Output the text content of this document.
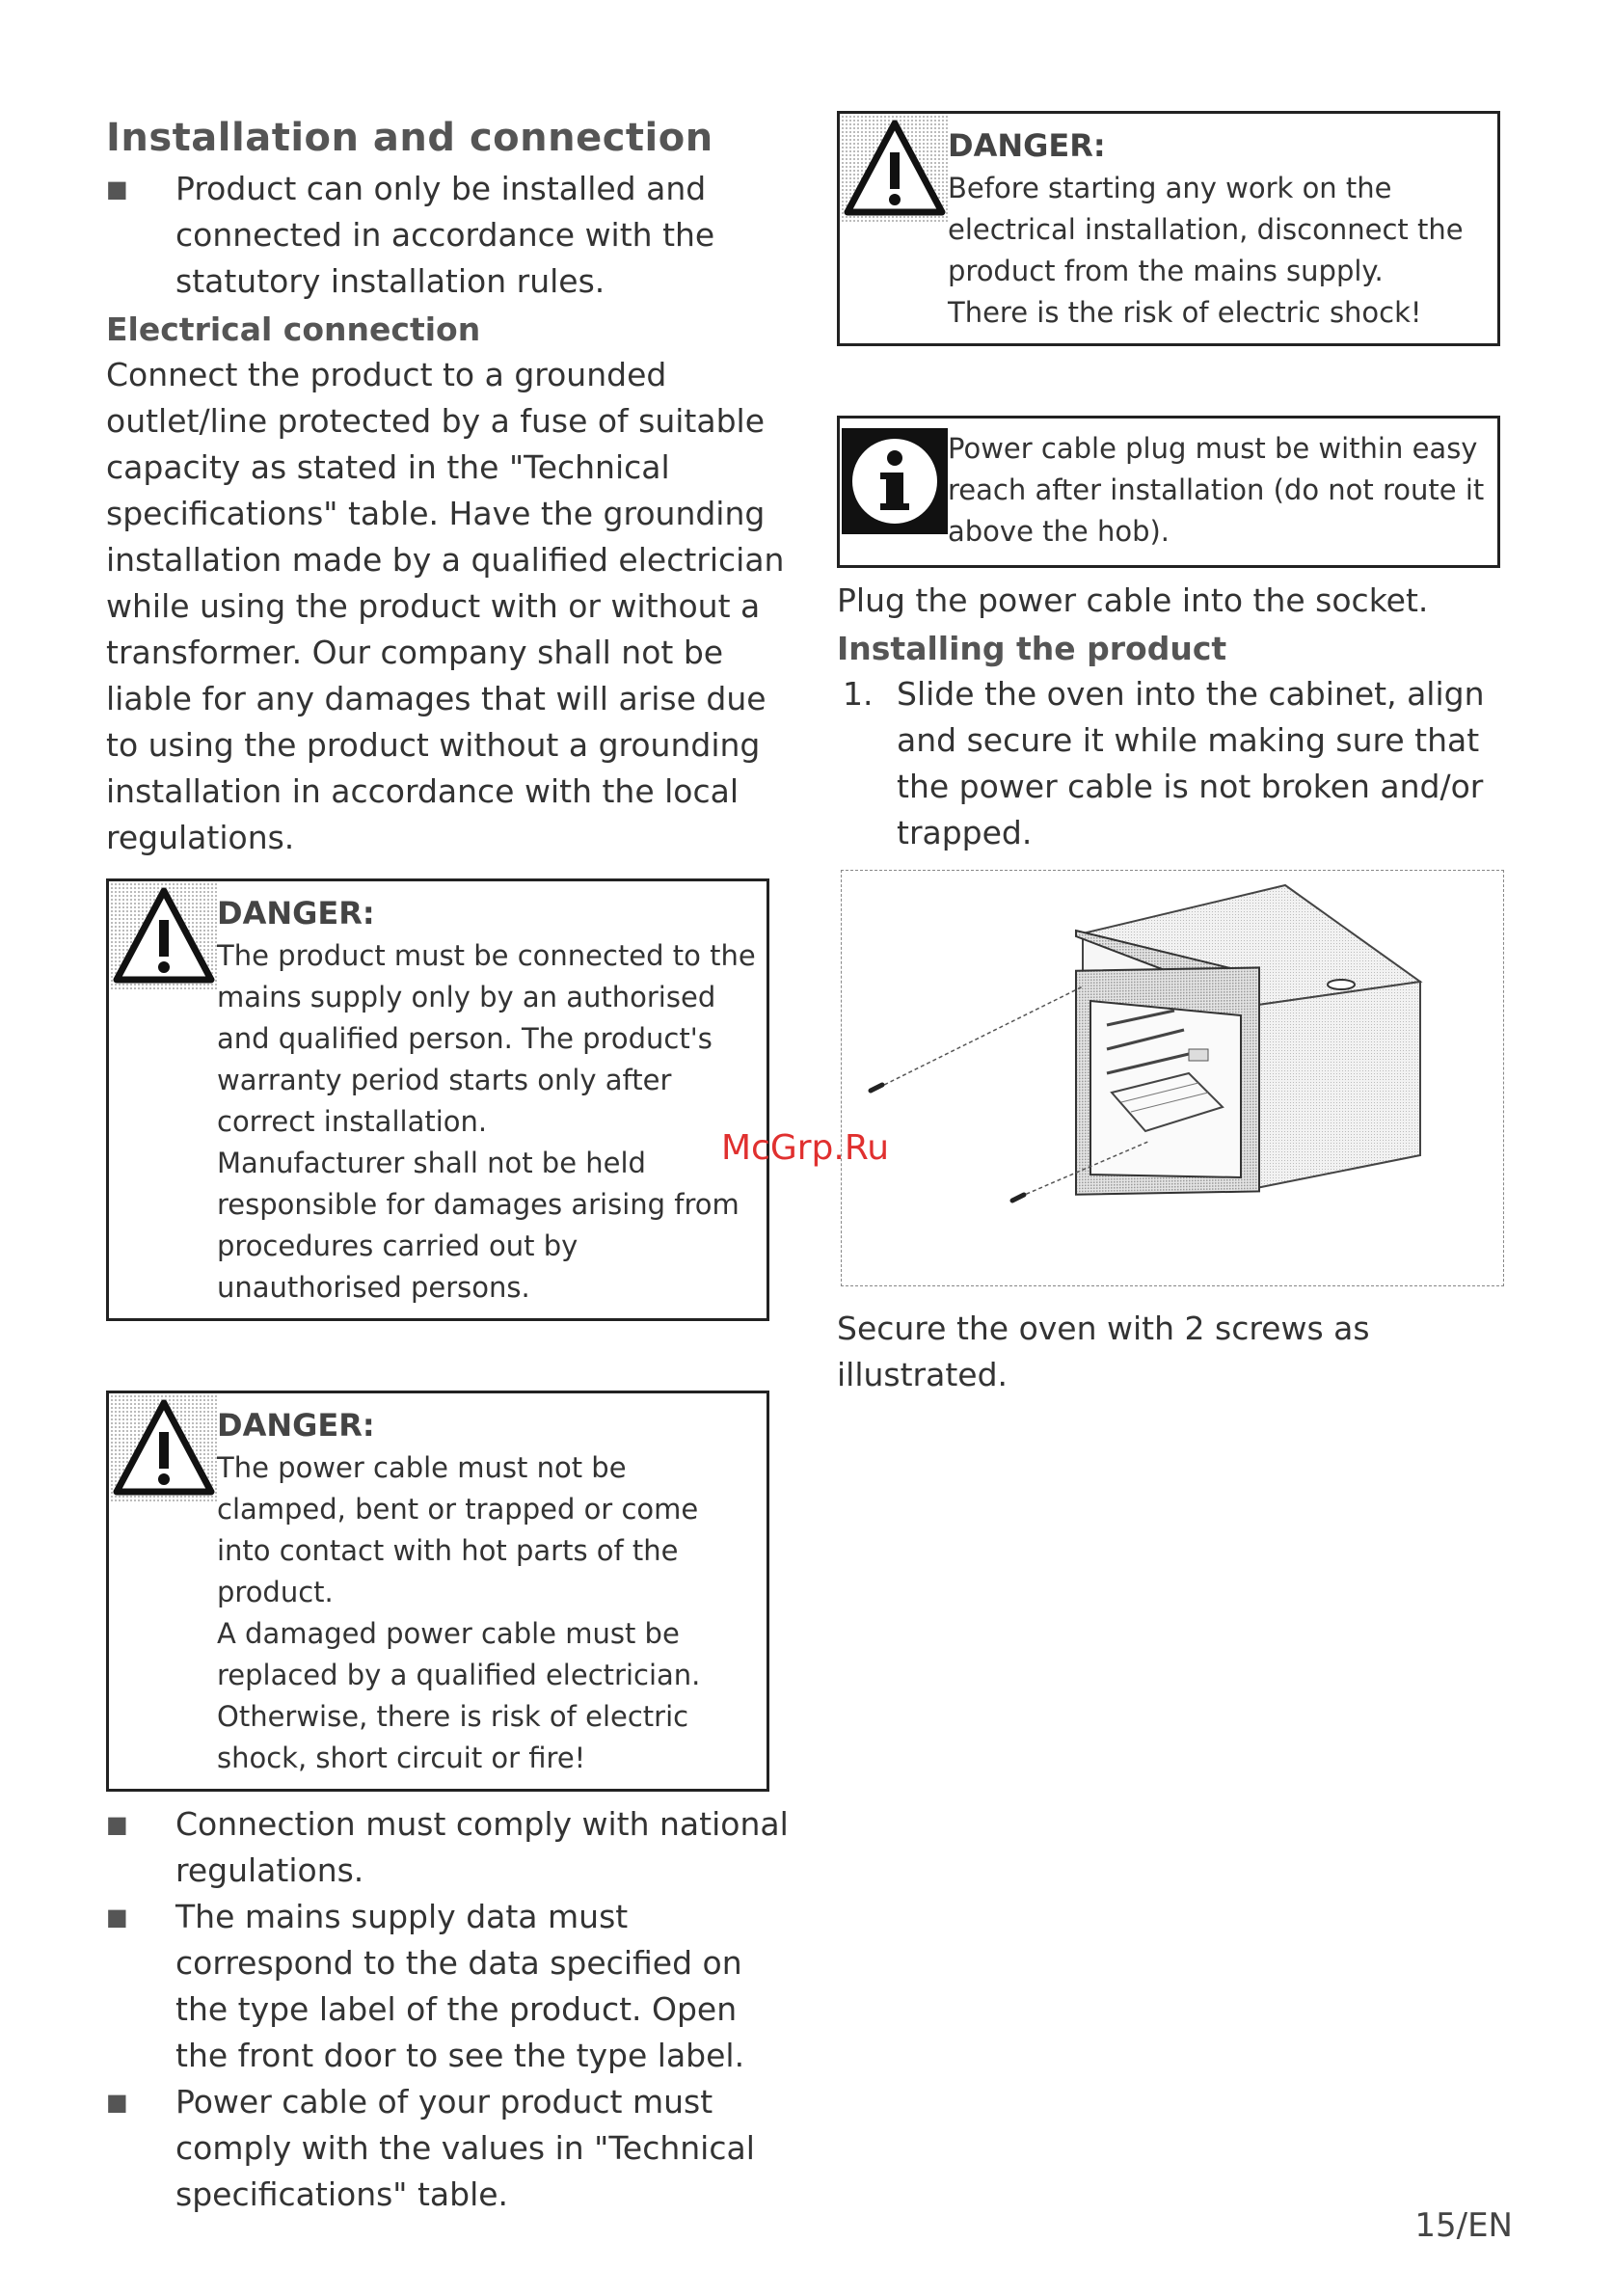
Installation and connection
■	Product can only be installed and connected in accordance with the statutory installation rules.
Electrical connection

Connect the product to a grounded outlet/line protected by a fuse of suitable capacity as stated in the "Technical specifications" table. Have the grounding installation made by a qualified electrician while using the product with or without a transformer. Our company shall not be liable for any damages that will arise due to using the product without a grounding installation in accordance with the local regulations.

DANGER:
The product must be connected to the mains supply only by an authorised and qualified person. The product's warranty period starts only after correct installation.
Manufacturer shall not be held responsible for damages arising from procedures carried out by unauthorised persons.
DANGER:
The power cable must not be clamped, bent or trapped or come into contact with hot parts of the product.
A damaged power cable must be replaced by a qualified electrician. Otherwise, there is risk of electric shock, short circuit or fire!
■	Connection must comply with national regulations.
■	The mains supply data must correspond to the data specified on the type label of the product. Open the front door to see the type label.
■	Power cable of your product must comply with the values in "Technical specifications" table.
DANGER:
Before starting any work on the electrical installation, disconnect the product from the mains supply.
There is the risk of electric shock!
Power cable plug must be within easy reach after installation (do not route it above the hob).

Plug the power cable into the socket.

Installing the product
1. Slide the oven into the cabinet, align and secure it while making sure that the power cable is not broken and/or trapped.

Secure the oven with 2 screws as illustrated.

McGrp.Ru
15/EN
